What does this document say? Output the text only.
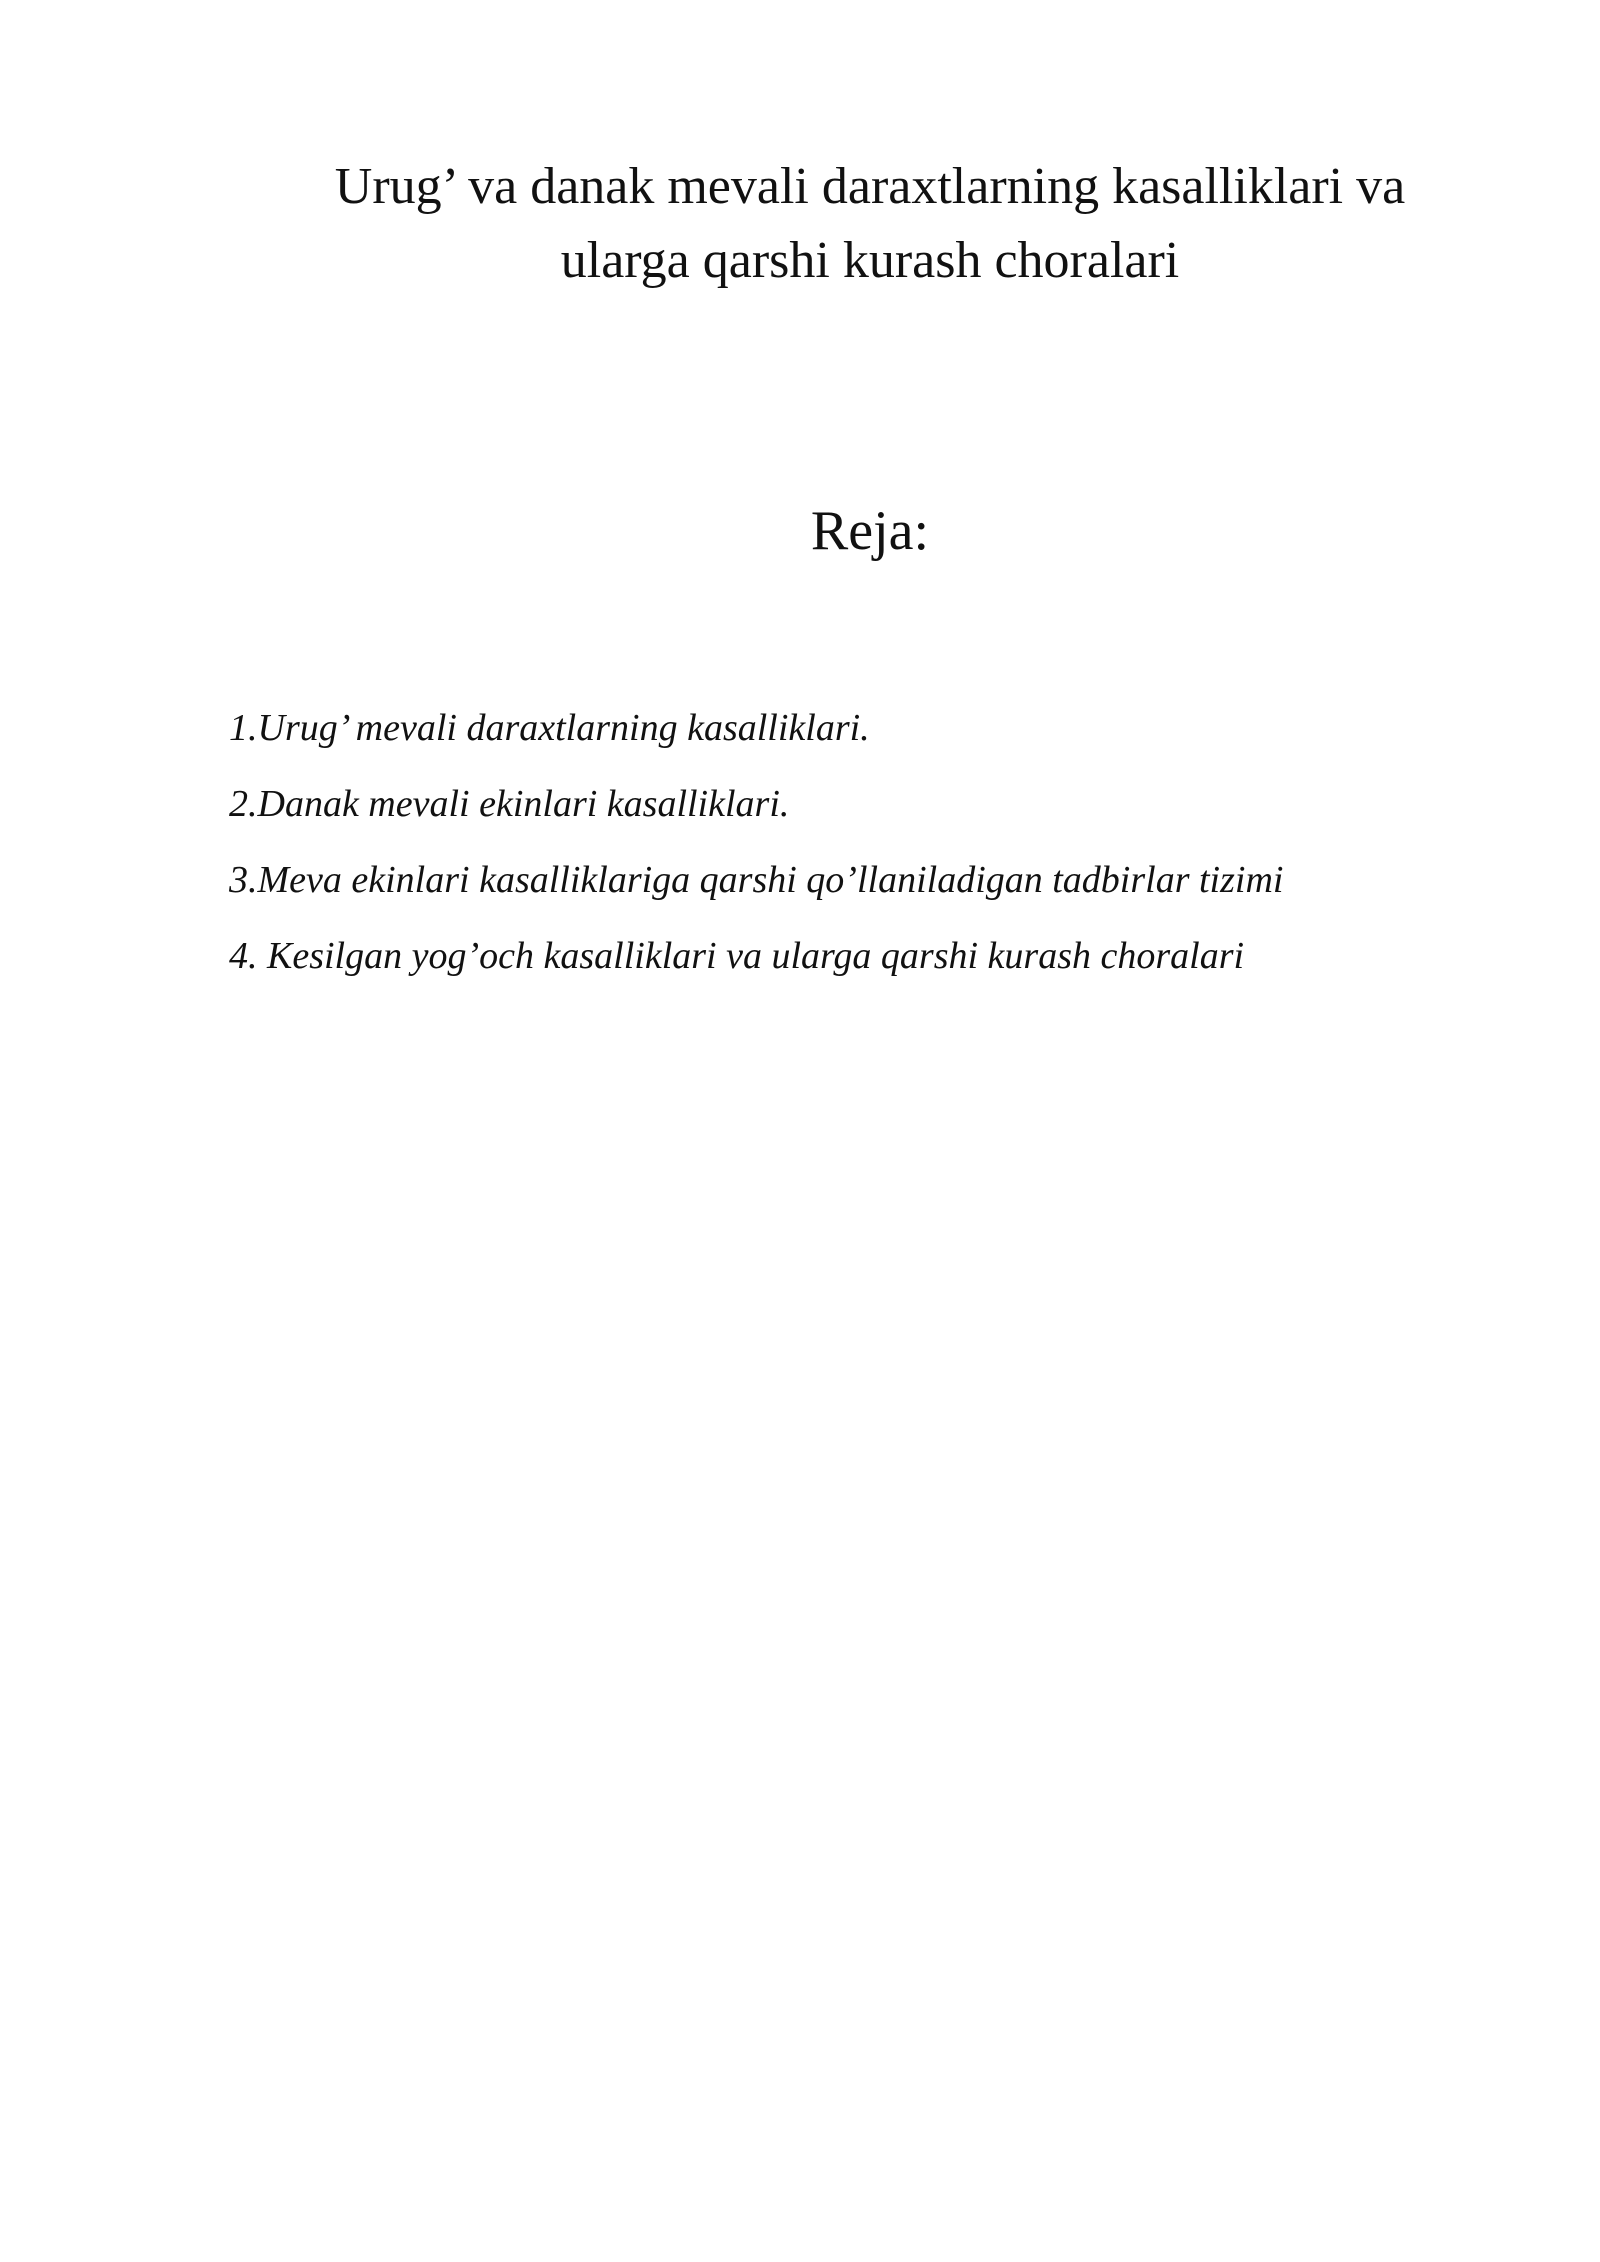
Urug’ va danak mevali daraxtlarning kasalliklari va
ularga qarshi kurash choralari
Reja:
1.Urug’ mevali daraxtlarning kasalliklari.
2.Danak mevali ekinlari kasalliklari.
3.Meva ekinlari kasalliklariga qarshi qo’llaniladigan tadbirlar tizimi
4. Kesilgan yog’och kasalliklari va ularga qarshi kurash choralari
